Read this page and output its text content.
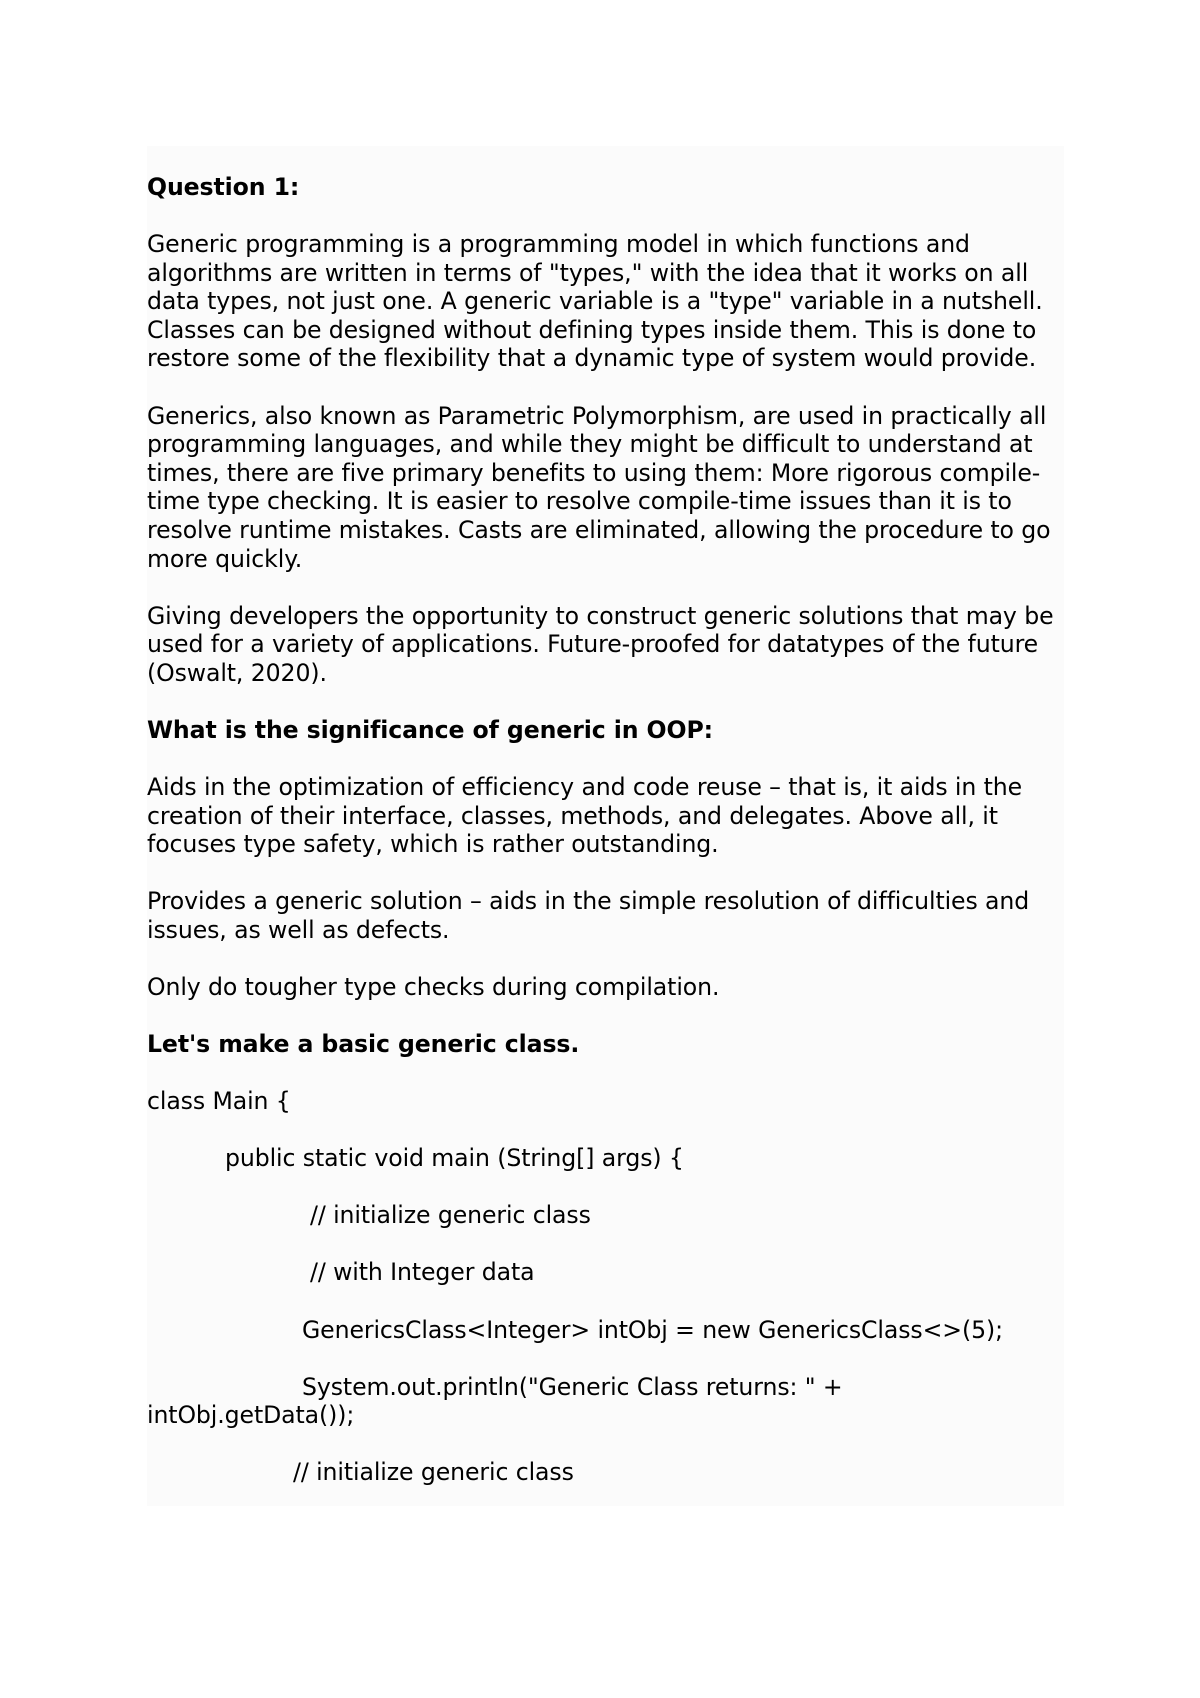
Question 1:

Generic programming is a programming model in which functions and algorithms are written in terms of "types," with the idea that it works on all data types, not just one. A generic variable is a "type" variable in a nutshell. Classes can be designed without defining types inside them. This is done to restore some of the flexibility that a dynamic type of system would provide.

Generics, also known as Parametric Polymorphism, are used in practically all programming languages, and while they might be difficult to understand at times, there are five primary benefits to using them: More rigorous compile-time type checking. It is easier to resolve compile-time issues than it is to resolve runtime mistakes. Casts are eliminated, allowing the procedure to go more quickly.

Giving developers the opportunity to construct generic solutions that may be used for a variety of applications. Future-proofed for datatypes of the future (Oswalt, 2020).

What is the significance of generic in OOP:

Aids in the optimization of efficiency and code reuse – that is, it aids in the creation of their interface, classes, methods, and delegates. Above all, it focuses type safety, which is rather outstanding.

Provides a generic solution – aids in the simple resolution of difficulties and issues, as well as defects.

Only do tougher type checks during compilation.

Let's make a basic generic class.

class Main {
public static void main (String[] args) {
// initialize generic class
// with Integer data
GenericsClass<Integer> intObj = new GenericsClass<>(5);
System.out.println("Generic Class returns: " +
intObj.getData());
// initialize generic class
